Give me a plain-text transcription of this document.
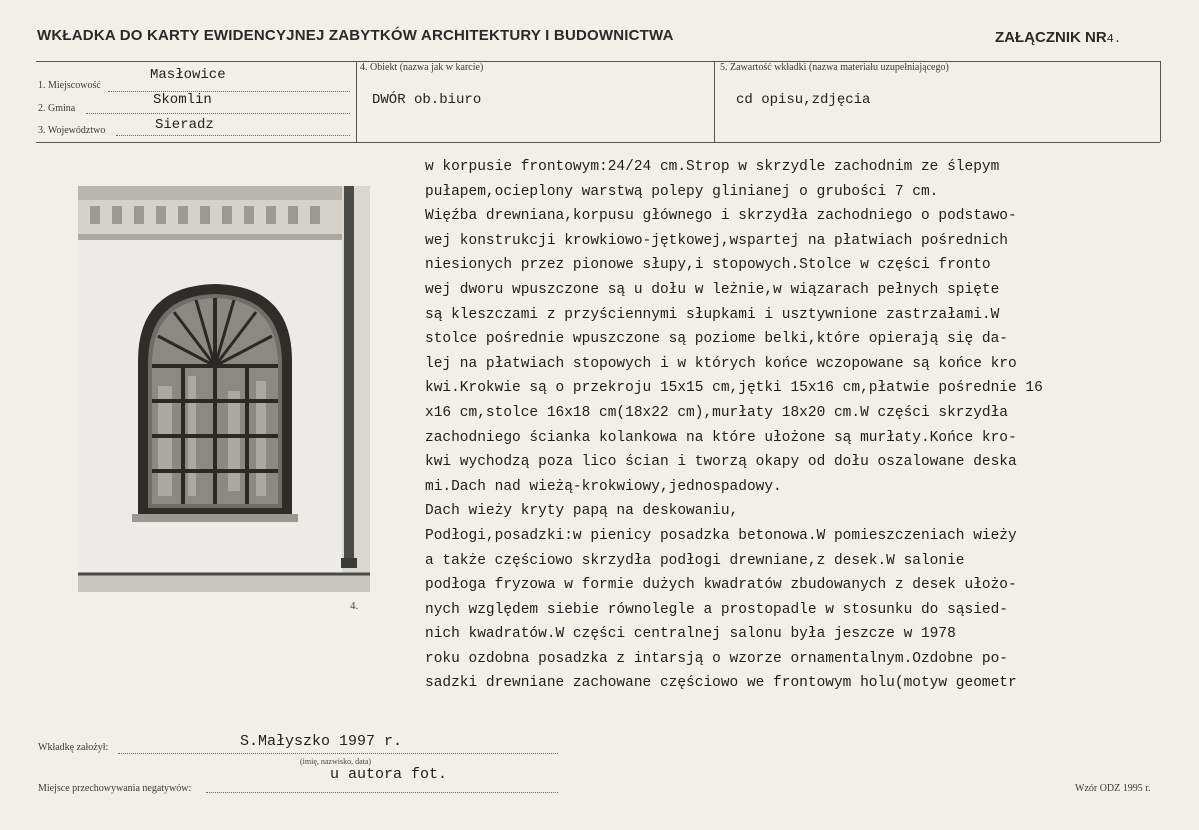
WKŁADKA DO KARTY EWIDENCYJNEJ ZABYTKÓW ARCHITEKTURY I BUDOWNICTWA	ZAŁĄCZNIK NR4.
1. Miejscowość
Masłowice
2. Gmina
Skomlin
3. Województwo	Sieradz
4. Obiekt (nazwa jak w karcie)
DWÓR ob.biuro
5. Zawartość wkładki (nazwa materiału uzupełniającego)
cd opisu,zdjęcia
4.
w korpusie frontowym:24/24 cm.Strop w skrzydle zachodnim ze ślepym
pułapem,ocieplony warstwą polepy glinianej o grubości 7 cm.
Więźba drewniana,korpusu głównego i skrzydła zachodniego o podstawo-
wej konstrukcji krowkiowo-jętkowej,wspartej na płatwiach pośrednich
niesionych przez pionowe słupy,i stopowych.Stolce w części fronto
wej dworu wpuszczone są u dołu w leżnie,w wiązarach pełnych spięte
są kleszczami z przyściennymi słupkami i usztywnione zastrzałami.W
stolce pośrednie wpuszczone są poziome belki,które opierają się da-
lej na płatwiach stopowych i w których końce wczopowane są końce kro
kwi.Krokwie są o przekroju 15x15 cm,jętki 15x16 cm,płatwie pośrednie 16
x16 cm,stolce 16x18 cm(18x22 cm),murłaty 18x20 cm.W części skrzydła
zachodniego ścianka kolankowa na które ułożone są murłaty.Końce kro-
kwi wychodzą poza lico ścian i tworzą okapy od dołu oszalowane deska
mi.Dach nad wieżą-krokwiowy,jednospadowy.
Dach wieży kryty papą na deskowaniu,
Podłogi,posadzki:w pienicy posadzka betonowa.W pomieszczeniach wieży
a także częściowo skrzydła podłogi drewniane,z desek.W salonie
podłoga fryzowa w formie dużych kwadratów zbudowanych z desek ułożo-
nych względem siebie równolegle a prostopadle w stosunku do sąsied-
nich kwadratów.W części centralnej salonu była jeszcze w 1978
roku ozdobna posadzka z intarsją o wzorze ornamentalnym.Ozdobne po-
sadzki drewniane zachowane częściowo we frontowym holu(motyw geometr
Wkładkę założył:	S.Małyszko 1997 r.
(imię, nazwisko, data)
Miejsce przechowywania negatywów:
u autora fot.
Wzór ODZ 1995 r.
